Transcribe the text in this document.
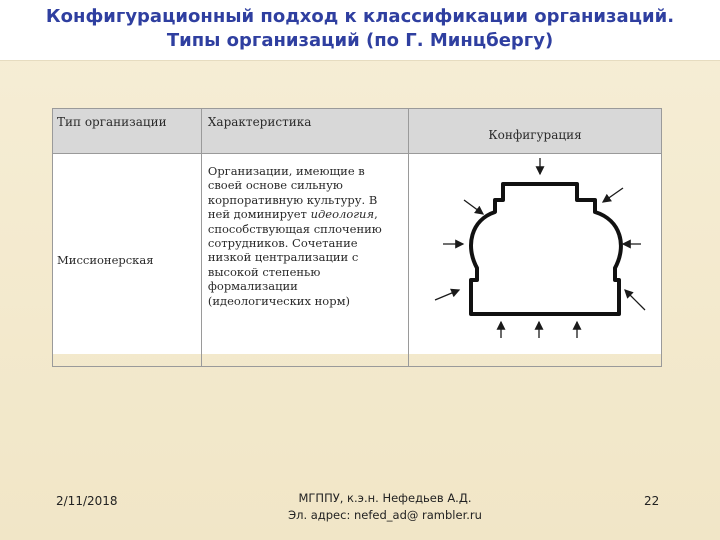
Конфигурационный подход к классификации организаций.
Типы организаций (по Г. Минцбергу)
Тип организации	Характеристика	Конфигурация
Миссионерская	Организации, имеющие в своей основе сильную корпоративную культуру. В ней доминирует идеология, способствующая сплочению сотрудников. Сочетание низкой централизации с высокой степенью формализации (идеологических норм)	
2/11/2018	МГППУ, к.э.н. Нефедьев А.Д.
Эл. адрес: nefed_ad@ rambler.ru
22
